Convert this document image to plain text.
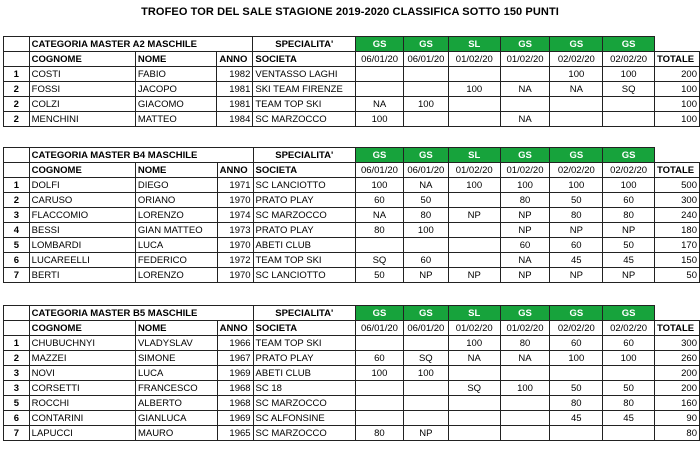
TROFEO TOR DEL SALE STAGIONE 2019-2020 CLASSIFICA SOTTO 150 PUNTI
	CATEGORIA MASTER A2 MASCHILE			SPECIALITA'	GS	GS	SL	GS	GS	GS	
	COGNOME	NOME	ANNO	SOCIETA	06/01/20	06/01/20	01/02/20	01/02/20	02/02/20	02/02/20	TOTALE
1	COSTI	FABIO	1982	VENTASSO LAGHI					100	100	200
2	FOSSI	JACOPO	1981	SKI TEAM FIRENZE			100	NA	NA	SQ	100
2	COLZI	GIACOMO	1981	TEAM TOP SKI	NA	100					100
2	MENCHINI	MATTEO	1984	SC MARZOCCO	100			NA			100
	CATEGORIA MASTER B4 MASCHILE			SPECIALITA'	GS	GS	SL	GS	GS	GS	
	COGNOME	NOME	ANNO	SOCIETA	06/01/20	06/01/20	01/02/20	01/02/20	02/02/20	02/02/20	TOTALE
1	DOLFI	DIEGO	1971	SC LANCIOTTO	100	NA	100	100	100	100	500
2	CARUSO	ORIANO	1970	PRATO PLAY	60	50		80	50	60	300
3	FLACCOMIO	LORENZO	1974	SC MARZOCCO	NA	80	NP	NP	80	80	240
4	BESSI	GIAN MATTEO	1973	PRATO PLAY	80	100		NP	NP	NP	180
5	LOMBARDI	LUCA	1970	ABETI CLUB				60	60	50	170
6	LUCAREELLI	FEDERICO	1972	TEAM TOP SKI	SQ	60		NA	45	45	150
7	BERTI	LORENZO	1970	SC LANCIOTTO	50	NP	NP	NP	NP	NP	50
	CATEGORIA MASTER B5 MASCHILE			SPECIALITA'	GS	GS	SL	GS	GS	GS	
	COGNOME	NOME	ANNO	SOCIETA	06/01/20	06/01/20	01/02/20	01/02/20	02/02/20	02/02/20	TOTALE
1	CHUBUCHNYI	VLADYSLAV	1966	TEAM TOP SKI			100	80	60	60	300
2	MAZZEI	SIMONE	1967	PRATO PLAY	60	SQ	NA	NA	100	100	260
3	NOVI	LUCA	1969	ABETI CLUB	100	100					200
3	CORSETTI	FRANCESCO	1968	SC 18			SQ	100	50	50	200
5	ROCCHI	ALBERTO	1968	SC MARZOCCO					80	80	160
6	CONTARINI	GIANLUCA	1969	SC ALFONSINE					45	45	90
7	LAPUCCI	MAURO	1965	SC MARZOCCO	80	NP					80
